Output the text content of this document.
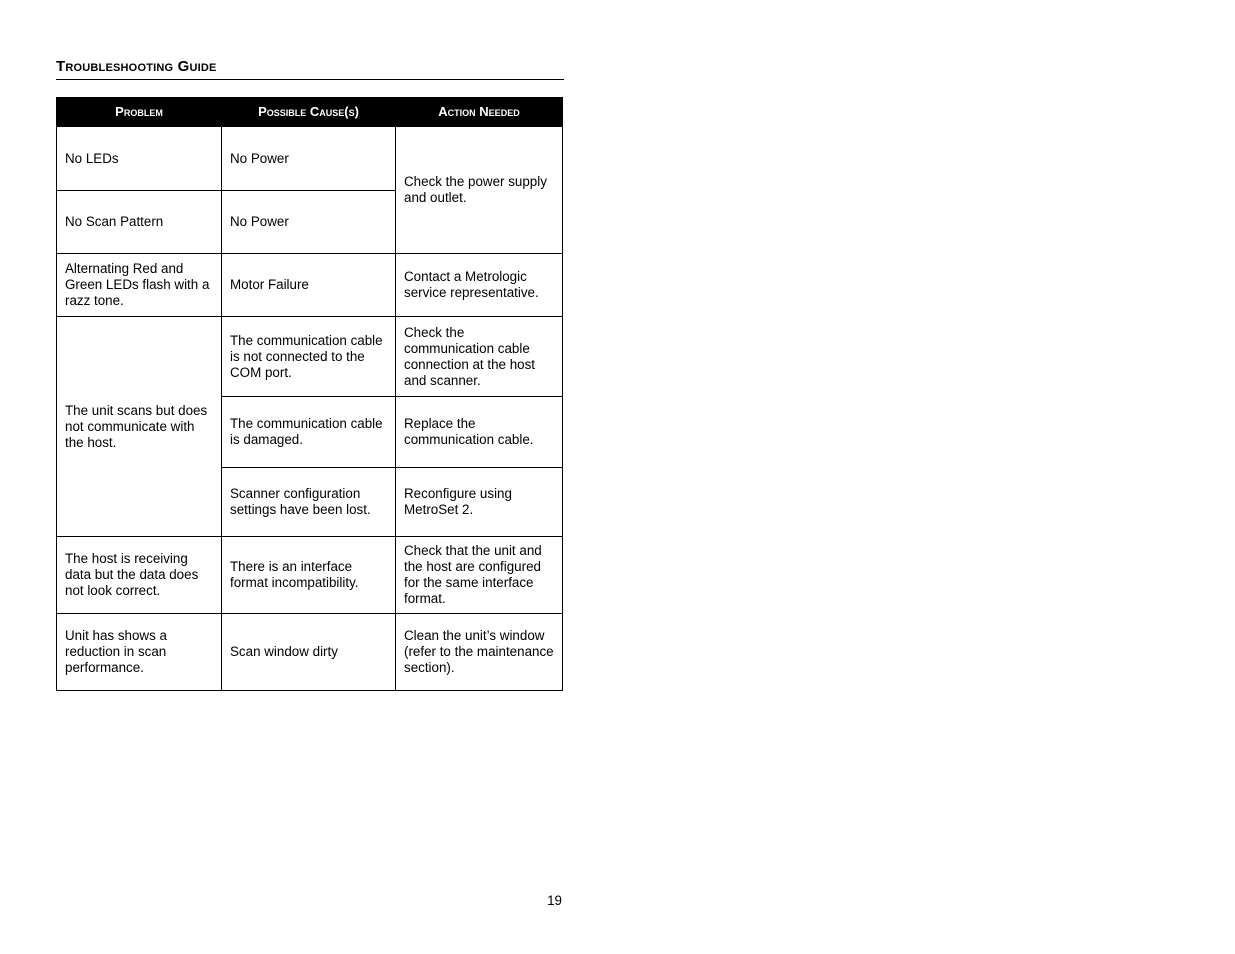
Troubleshooting Guide
Problem	Possible Cause(s)	Action Needed
No LEDs	No Power	Check the power supply and outlet.
No Scan Pattern	No Power	
Alternating Red and Green LEDs flash with a razz tone.	Motor Failure	Contact a Metrologic service representative.
The unit scans but does not communicate with the host.	The communication cable is not connected to the COM port.	Check the communication cable connection at the host and scanner.
	The communication cable is damaged.	Replace the communication cable.
	Scanner configuration settings have been lost.	Reconfigure using MetroSet 2.
The host is receiving data but the data does not look correct.	There is an interface format incompatibility.	Check that the unit and the host are configured for the same interface format.
Unit has shows a reduction in scan performance.	Scan window dirty	Clean the unit’s window (refer to the maintenance section).
19
